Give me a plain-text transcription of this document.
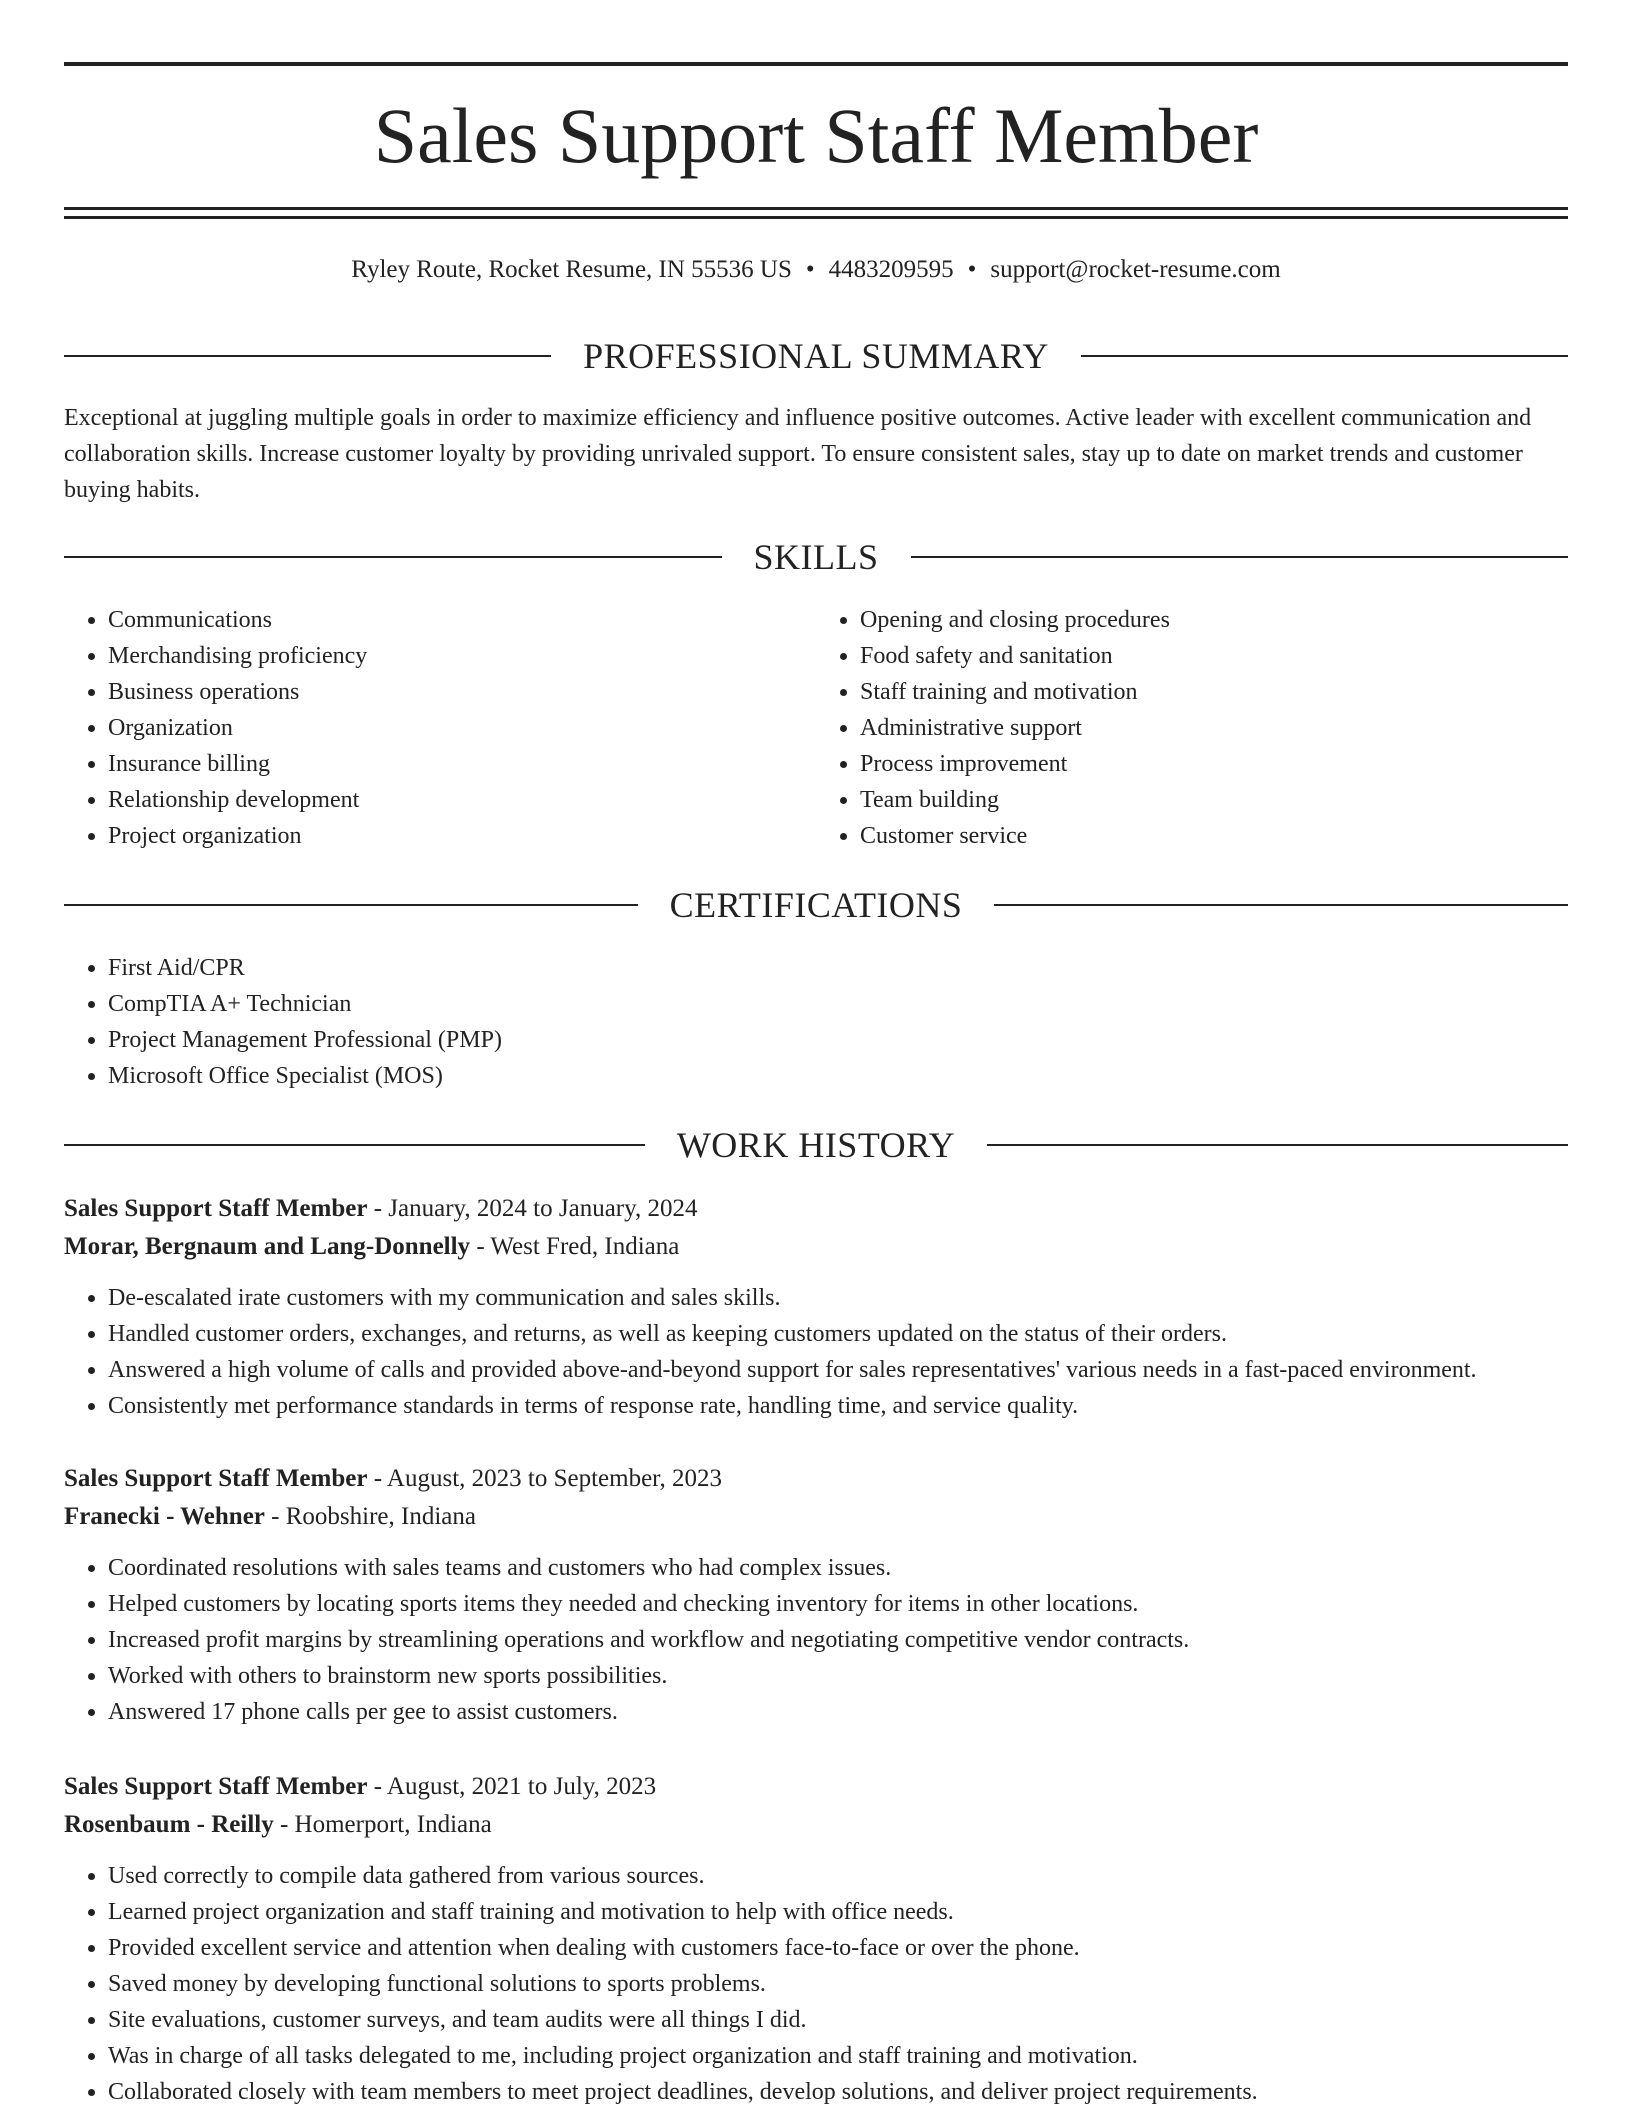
Sales Support Staff Member
Ryley Route, Rocket Resume, IN 55536 US • 4483209595 • support@rocket-resume.com
PROFESSIONAL SUMMARY

Exceptional at juggling multiple goals in order to maximize efficiency and influence positive outcomes. Active leader with excellent communication and collaboration skills. Increase customer loyalty by providing unrivaled support. To ensure consistent sales, stay up to date on market trends and customer buying habits.

SKILLS
• Communications
• Merchandising proficiency
• Business operations
• Organization
• Insurance billing
• Relationship development
• Project organization
• Opening and closing procedures
• Food safety and sanitation
• Staff training and motivation
• Administrative support
• Process improvement
• Team building
• Customer service
CERTIFICATIONS
• First Aid/CPR
• CompTIA A+ Technician
• Project Management Professional (PMP)
• Microsoft Office Specialist (MOS)
WORK HISTORY
Sales Support Staff Member - January, 2024 to January, 2024
Morar, Bergnaum and Lang-Donnelly - West Fred, Indiana
• De-escalated irate customers with my communication and sales skills.
• Handled customer orders, exchanges, and returns, as well as keeping customers updated on the status of their orders.
• Answered a high volume of calls and provided above-and-beyond support for sales representatives' various needs in a fast-paced environment.
• Consistently met performance standards in terms of response rate, handling time, and service quality.
Sales Support Staff Member - August, 2023 to September, 2023
Franecki - Wehner - Roobshire, Indiana
• Coordinated resolutions with sales teams and customers who had complex issues.
• Helped customers by locating sports items they needed and checking inventory for items in other locations.
• Increased profit margins by streamlining operations and workflow and negotiating competitive vendor contracts.
• Worked with others to brainstorm new sports possibilities.
• Answered 17 phone calls per gee to assist customers.
Sales Support Staff Member - August, 2021 to July, 2023
Rosenbaum - Reilly - Homerport, Indiana
• Used correctly to compile data gathered from various sources.
• Learned project organization and staff training and motivation to help with office needs.
• Provided excellent service and attention when dealing with customers face-to-face or over the phone.
• Saved money by developing functional solutions to sports problems.
• Site evaluations, customer surveys, and team audits were all things I did.
• Was in charge of all tasks delegated to me, including project organization and staff training and motivation.
• Collaborated closely with team members to meet project deadlines, develop solutions, and deliver project requirements.
